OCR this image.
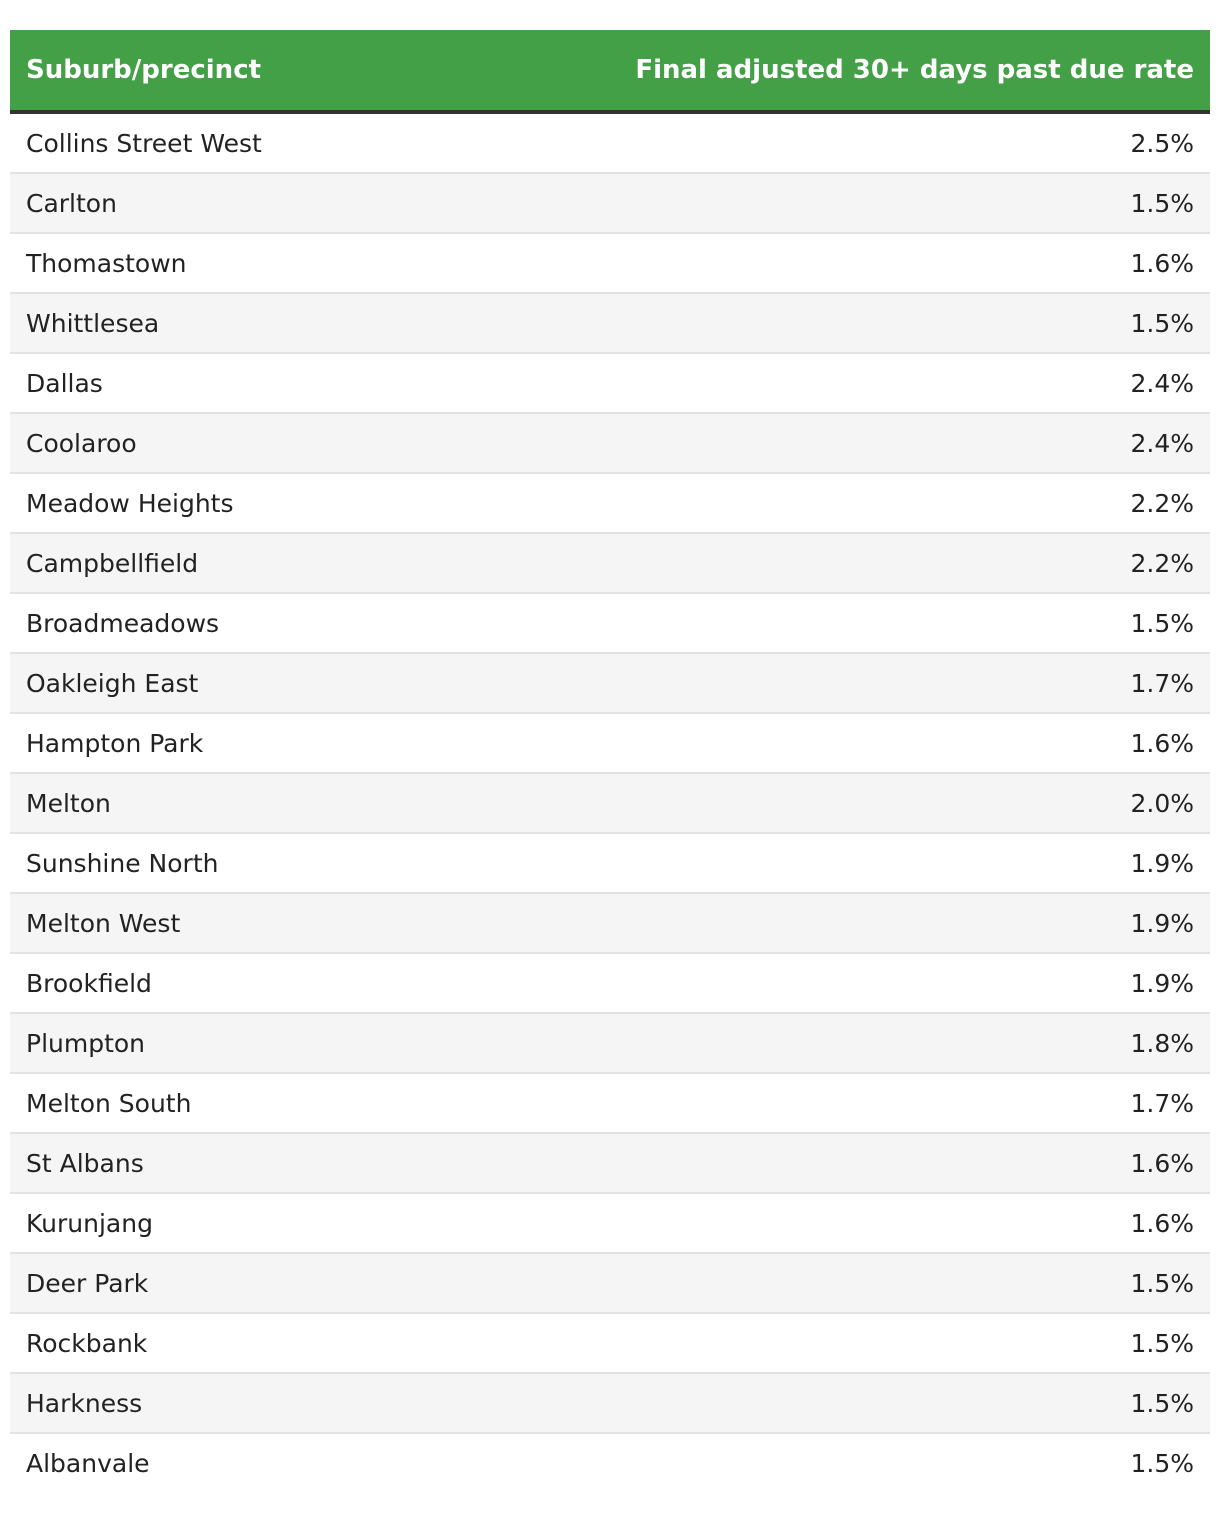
Suburb/precinct	Final adjusted 30+ days past due rate
Collins Street West	2.5%
Carlton	1.5%
Thomastown	1.6%
Whittlesea	1.5%
Dallas	2.4%
Coolaroo	2.4%
Meadow Heights	2.2%
Campbellfield	2.2%
Broadmeadows	1.5%
Oakleigh East	1.7%
Hampton Park	1.6%
Melton	2.0%
Sunshine North	1.9%
Melton West	1.9%
Brookfield	1.9%
Plumpton	1.8%
Melton South	1.7%
St Albans	1.6%
Kurunjang	1.6%
Deer Park	1.5%
Rockbank	1.5%
Harkness	1.5%
Albanvale	1.5%
